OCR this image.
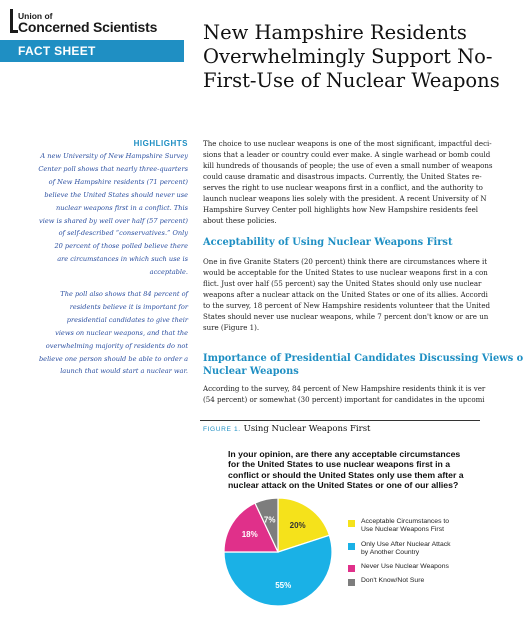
Union of
Concerned Scientists
FACT SHEET
New Hampshire Residents
Overwhelmingly Support No-
First-Use of Nuclear Weapons
HIGHLIGHTS

A new University of New Hampshire Survey
Center poll shows that nearly three-quarters
of New Hampshire residents (71 percent)
believe the United States should never use
nuclear weapons first in a conflict. This
view is shared by well over half (57 percent)
of self-described “conservatives.” Only
20 percent of those polled believe there
are circumstances in which such use is
acceptable.

The poll also shows that 84 percent of
residents believe it is important for
presidential candidates to give their
views on nuclear weapons, and that the
overwhelming majority of residents do not
believe one person should be able to order a
launch that would start a nuclear war.

The choice to use nuclear weapons is one of the most significant, impactful deci-
sions that a leader or country could ever make. A single warhead or bomb could
kill hundreds of thousands of people; the use of even a small number of weapons
could cause dramatic and disastrous impacts. Currently, the United States re-
serves the right to use nuclear weapons first in a conflict, and the authority to
launch nuclear weapons lies solely with the president. A recent University of N
Hampshire Survey Center poll highlights how New Hampshire residents feel
about these policies.

Acceptability of Using Nuclear Weapons First

One in five Granite Staters (20 percent) think there are circumstances where it
would be acceptable for the United States to use nuclear weapons first in a con
flict. Just over half (55 percent) say the United States should only use nuclear
weapons after a nuclear attack on the United States or one of its allies. Accordi
to the survey, 18 percent of New Hampshire residents volunteer that the United
States should never use nuclear weapons, while 7 percent don't know or are un
sure (Figure 1).

Importance of Presidential Candidates Discussing Views o
Nuclear Weapons

According to the survey, 84 percent of New Hampshire residents think it is ver
(54 percent) or somewhat (30 percent) important for candidates in the upcomi

FIGURE 1. Using Nuclear Weapons First

In your opinion, are there any acceptable circumstances
for the United States to use nuclear weapons first in a
conflict or should the United States only use them after a
nuclear attack on the United States or one of our allies?

20%
55%
18%
7%	Acceptable Circumstances to
Use Nuclear Weapons First
Only Use After Nuclear Attack
by Another Country
Never Use Nuclear Weapons
Don't Know/Not Sure
